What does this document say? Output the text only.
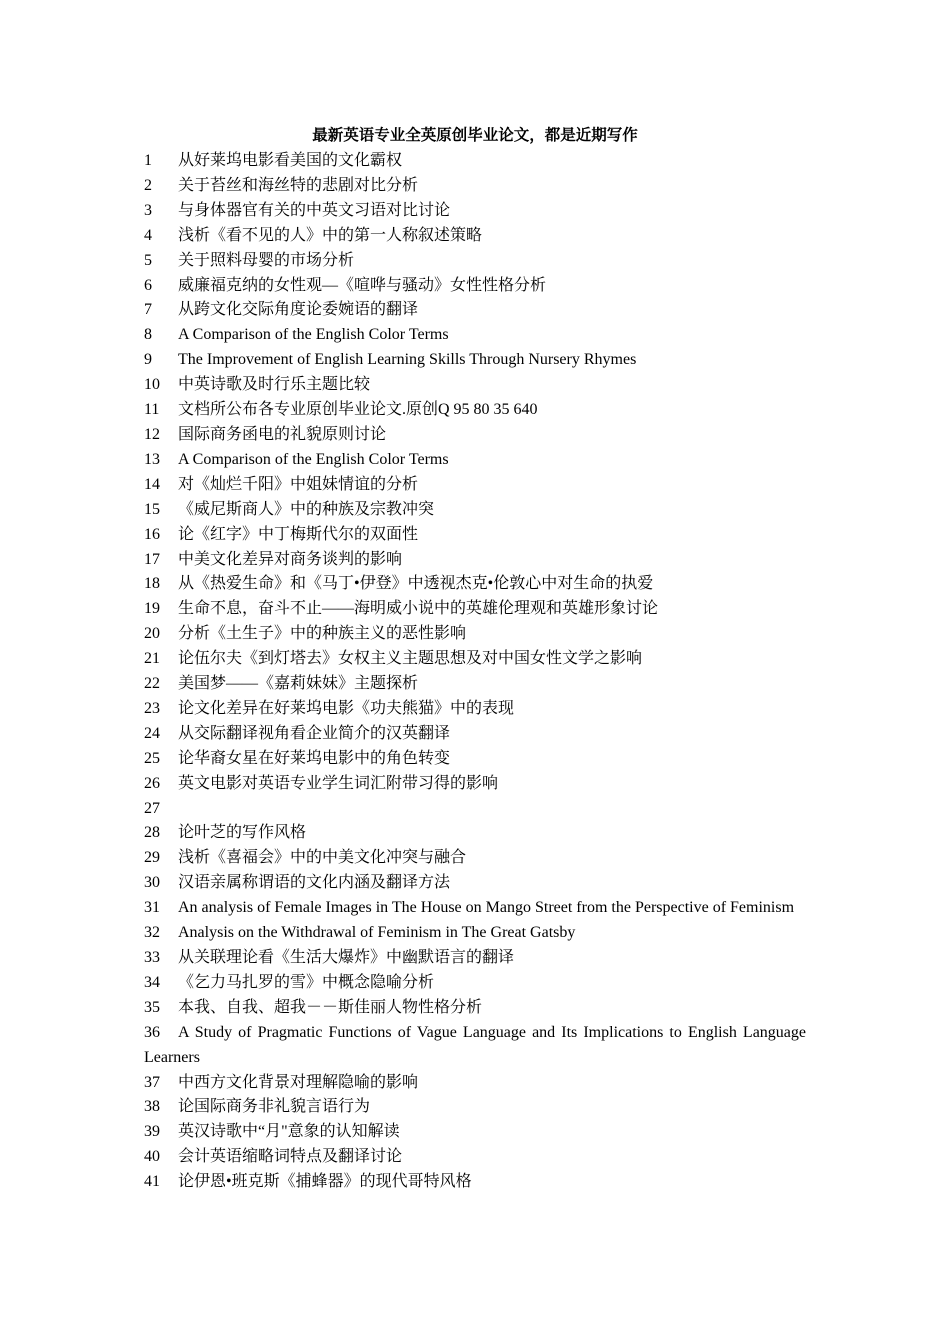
最新英语专业全英原创毕业论文，都是近期写作
1 从好莱坞电影看美国的文化霸权
2 关于苔丝和海丝特的悲剧对比分析
3 与身体器官有关的中英文习语对比讨论
4 浅析《看不见的人》中的第一人称叙述策略
5 关于照料母婴的市场分析
6 威廉福克纳的女性观—《喧哗与骚动》女性性格分析
7 从跨文化交际角度论委婉语的翻译
8 A Comparison of the English Color Terms
9 The Improvement of English Learning Skills Through Nursery Rhymes
10 中英诗歌及时行乐主题比较
11 文档所公布各专业原创毕业论文.原创Q 95 80 35 640
12 国际商务函电的礼貌原则讨论
13 A Comparison of the English Color Terms
14 对《灿烂千阳》中姐妹情谊的分析
15 《威尼斯商人》中的种族及宗教冲突
16 论《红字》中丁梅斯代尔的双面性
17 中美文化差异对商务谈判的影响
18 从《热爱生命》和《马丁•伊登》中透视杰克•伦敦心中对生命的执爱
19 生命不息，奋斗不止——海明威小说中的英雄伦理观和英雄形象讨论
20 分析《土生子》中的种族主义的恶性影响
21 论伍尔夫《到灯塔去》女权主义主题思想及对中国女性文学之影响
22 美国梦——《嘉莉妹妹》主题探析
23 论文化差异在好莱坞电影《功夫熊猫》中的表现
24 从交际翻译视角看企业简介的汉英翻译
25 论华裔女星在好莱坞电影中的角色转变
26 英文电影对英语专业学生词汇附带习得的影响
27
28 论叶芝的写作风格
29 浅析《喜福会》中的中美文化冲突与融合
30 汉语亲属称谓语的文化内涵及翻译方法
31 An analysis of Female Images in The House on Mango Street from the Perspective of Feminism
32 Analysis on the Withdrawal of Feminism in The Great Gatsby
33 从关联理论看《生活大爆炸》中幽默语言的翻译
34 《乞力马扎罗的雪》中概念隐喻分析
35 本我、自我、超我－－斯佳丽人物性格分析
36 A Study of Pragmatic Functions of Vague Language and Its Implications to English Language Learners
37 中西方文化背景对理解隐喻的影响
38 论国际商务非礼貌言语行为
39 英汉诗歌中“月"意象的认知解读
40 会计英语缩略词特点及翻译讨论
41 论伊恩•班克斯《捕蜂器》的现代哥特风格
